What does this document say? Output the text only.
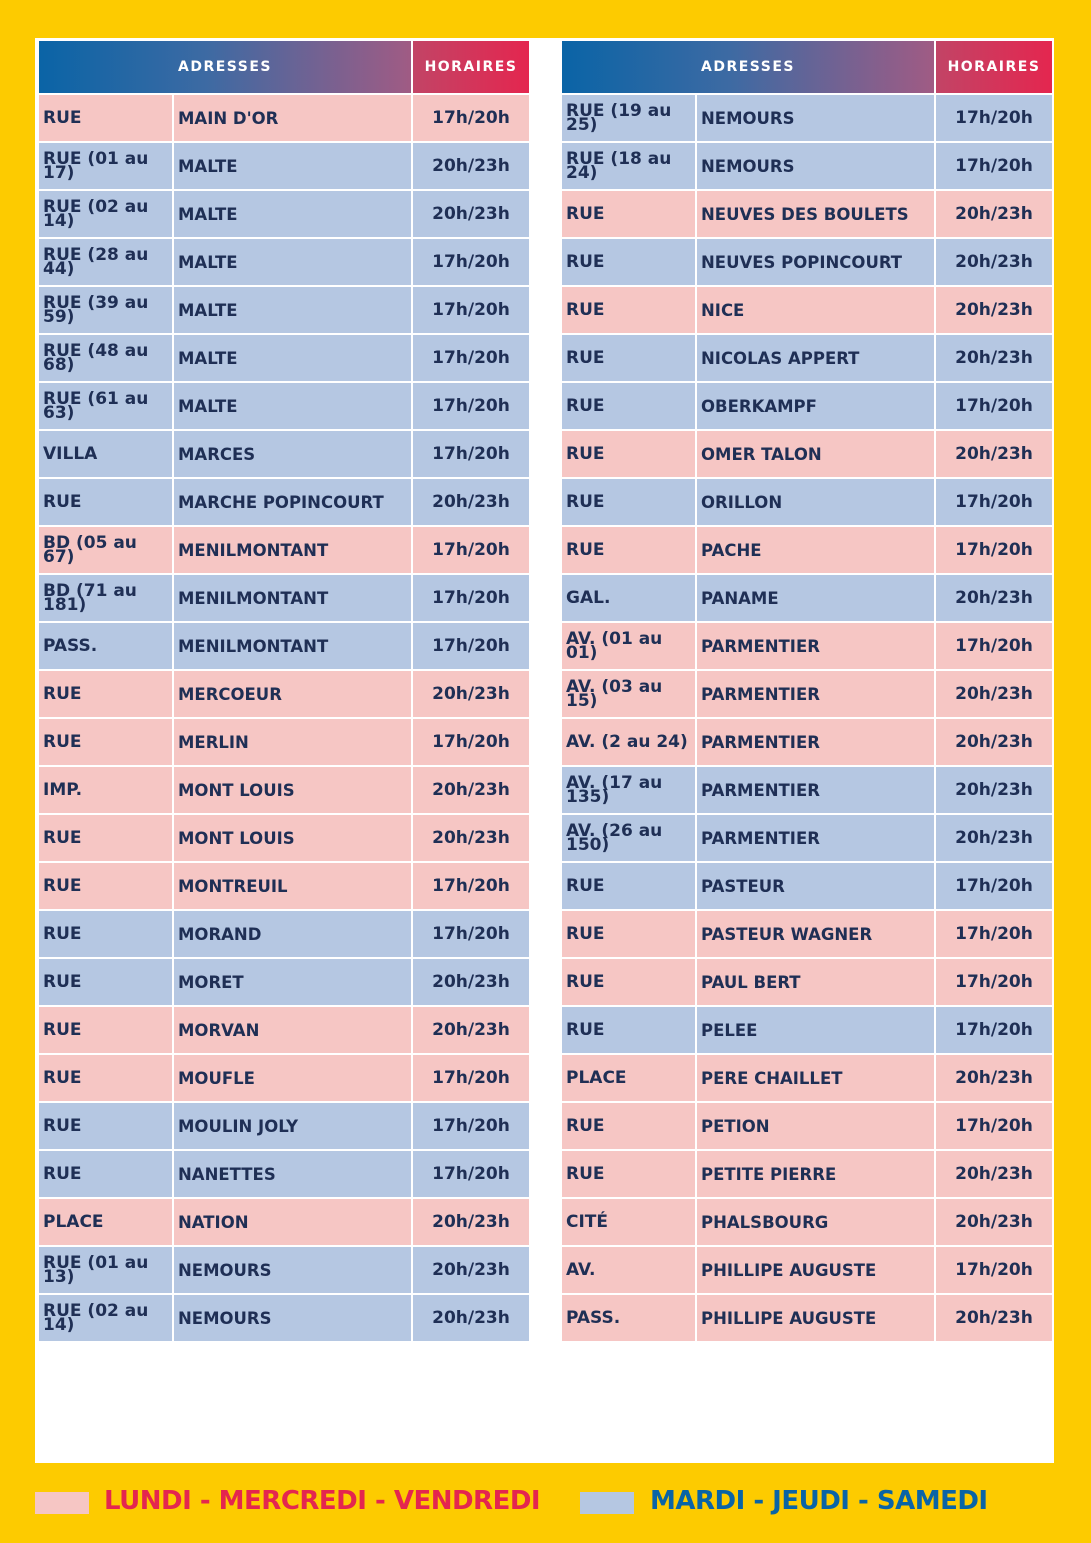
ADRESSES		HORAIRES
RUE	MAIN D'OR	17h/20h
RUE (01 au 17)	MALTE	20h/23h
RUE (02 au 14)	MALTE	20h/23h
RUE (28 au 44)	MALTE	17h/20h
RUE (39 au 59)	MALTE	17h/20h
RUE (48 au 68)	MALTE	17h/20h
RUE (61 au 63)	MALTE	17h/20h
VILLA	MARCES	17h/20h
RUE	MARCHE POPINCOURT	20h/23h
BD (05 au 67)	MENILMONTANT	17h/20h
BD (71 au 181)	MENILMONTANT	17h/20h
PASS.	MENILMONTANT	17h/20h
RUE	MERCOEUR	20h/23h
RUE	MERLIN	17h/20h
IMP.	MONT LOUIS	20h/23h
RUE	MONT LOUIS	20h/23h
RUE	MONTREUIL	17h/20h
RUE	MORAND	17h/20h
RUE	MORET	20h/23h
RUE	MORVAN	20h/23h
RUE	MOUFLE	17h/20h
RUE	MOULIN JOLY	17h/20h
RUE	NANETTES	17h/20h
PLACE	NATION	20h/23h
RUE (01 au 13)	NEMOURS	20h/23h
RUE (02 au 14)	NEMOURS	20h/23h
ADRESSES		HORAIRES
RUE (19 au 25)	NEMOURS	17h/20h
RUE (18 au 24)	NEMOURS	17h/20h
RUE	NEUVES DES BOULETS	20h/23h
RUE	NEUVES POPINCOURT	20h/23h
RUE	NICE	20h/23h
RUE	NICOLAS APPERT	20h/23h
RUE	OBERKAMPF	17h/20h
RUE	OMER TALON	20h/23h
RUE	ORILLON	17h/20h
RUE	PACHE	17h/20h
GAL.	PANAME	20h/23h
AV. (01 au 01)	PARMENTIER	17h/20h
AV. (03 au 15)	PARMENTIER	20h/23h
AV. (2 au 24)	PARMENTIER	20h/23h
AV. (17 au 135)	PARMENTIER	20h/23h
AV. (26 au 150)	PARMENTIER	20h/23h
RUE	PASTEUR	17h/20h
RUE	PASTEUR WAGNER	17h/20h
RUE	PAUL BERT	17h/20h
RUE	PELEE	17h/20h
PLACE	PERE CHAILLET	20h/23h
RUE	PETION	17h/20h
RUE	PETITE PIERRE	20h/23h
CITÉ	PHALSBOURG	20h/23h
AV.	PHILLIPE AUGUSTE	17h/20h
PASS.	PHILLIPE AUGUSTE	20h/23h
LUNDI - MERCREDI - VENDREDI	MARDI - JEUDI - SAMEDI
